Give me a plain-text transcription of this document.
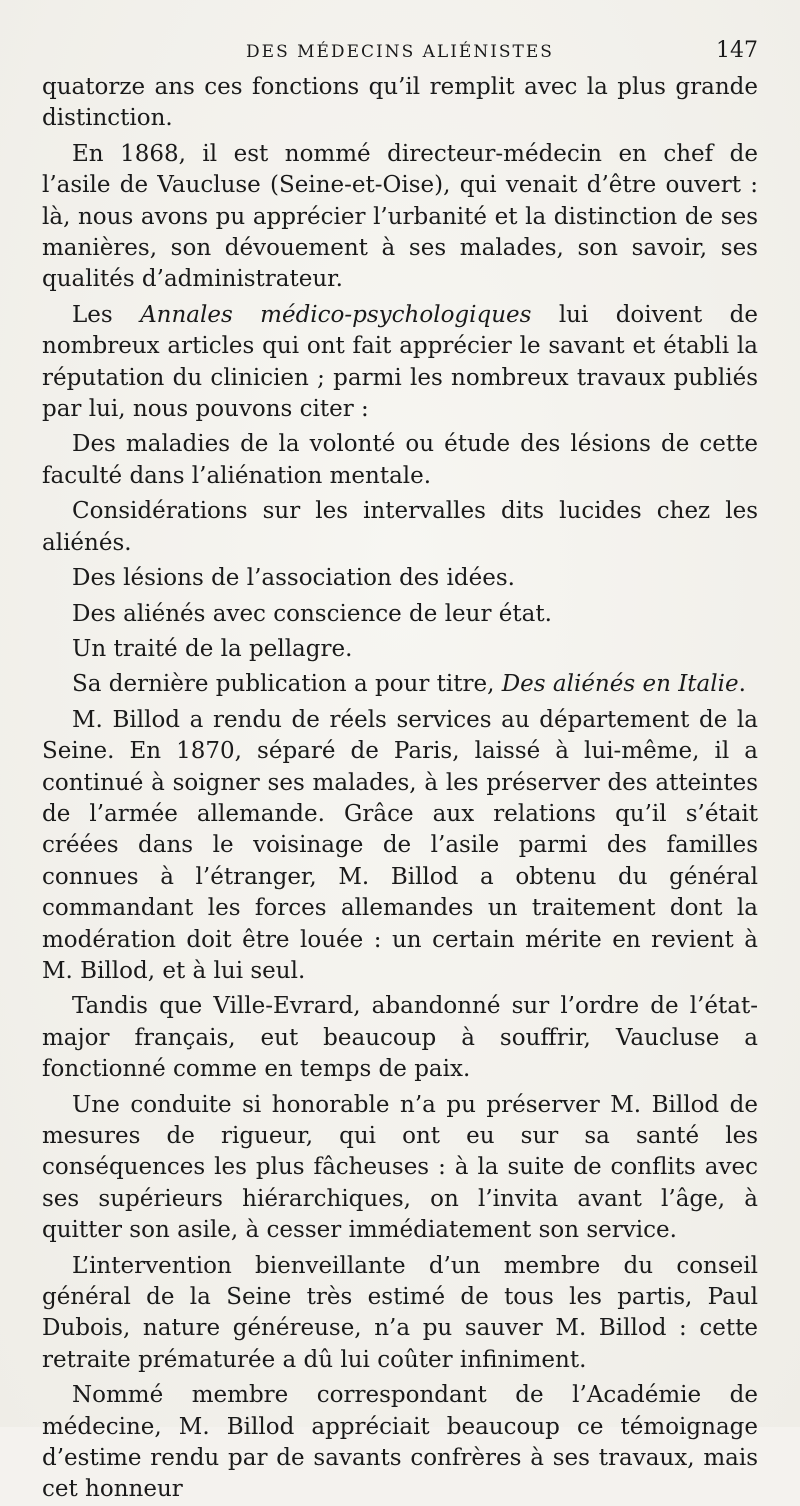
DES MÉDECINS ALIÉNISTES	147

quatorze ans ces fonctions qu’il remplit avec la plus grande distinction.

En 1868, il est nommé directeur-médecin en chef de l’asile de Vaucluse (Seine-et-Oise), qui venait d’être ouvert : là, nous avons pu apprécier l’urbanité et la distinction de ses manières, son dévouement à ses malades, son savoir, ses qualités d’administrateur.

Les Annales médico-psychologiques lui doivent de nombreux articles qui ont fait apprécier le savant et établi la réputation du clinicien ; parmi les nombreux travaux publiés par lui, nous pouvons citer :

Des maladies de la volonté ou étude des lésions de cette faculté dans l’aliénation mentale.

Considérations sur les intervalles dits lucides chez les aliénés.

Des lésions de l’association des idées.

Des aliénés avec conscience de leur état.

Un traité de la pellagre.

Sa dernière publication a pour titre, Des aliénés en Italie.

M. Billod a rendu de réels services au département de la Seine. En 1870, séparé de Paris, laissé à lui-même, il a continué à soigner ses malades, à les préserver des atteintes de l’armée allemande. Grâce aux relations qu’il s’était créées dans le voisinage de l’asile parmi des familles connues à l’étranger, M. Billod a obtenu du général commandant les forces allemandes un traitement dont la modération doit être louée : un certain mérite en revient à M. Billod, et à lui seul.

Tandis que Ville-Evrard, abandonné sur l’ordre de l’état-major français, eut beaucoup à souffrir, Vaucluse a fonctionné comme en temps de paix.

Une conduite si honorable n’a pu préserver M. Billod de mesures de rigueur, qui ont eu sur sa santé les conséquences les plus fâcheuses : à la suite de conflits avec ses supérieurs hiérarchiques, on l’invita avant l’âge, à quitter son asile, à cesser immédiatement son service.

L’intervention bienveillante d’un membre du conseil général de la Seine très estimé de tous les partis, Paul Dubois, nature généreuse, n’a pu sauver M. Billod : cette retraite prématurée a dû lui coûter infiniment.

Nommé membre correspondant de l’Académie de médecine, M. Billod appréciait beaucoup ce témoignage d’estime rendu par de savants confrères à ses travaux, mais cet honneur
